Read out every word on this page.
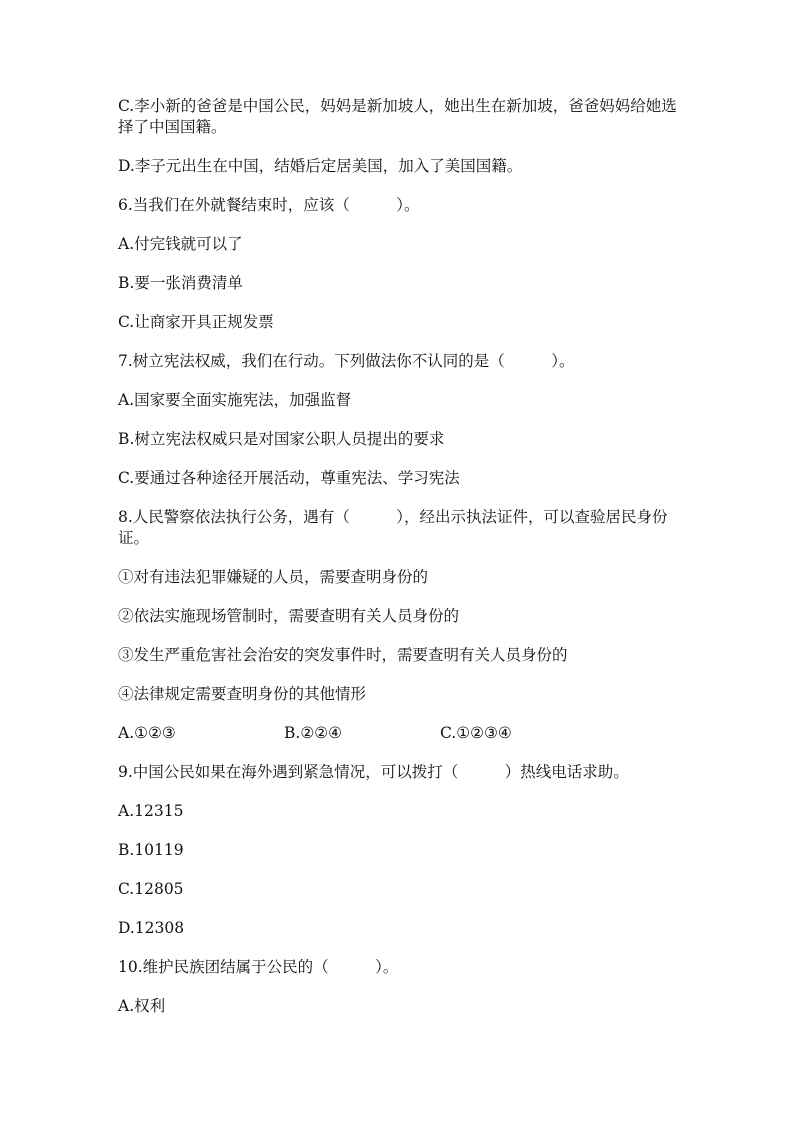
C.李小新的爸爸是中国公民，妈妈是新加坡人，她出生在新加坡，爸爸妈妈给她选择了中国国籍。
D.李子元出生在中国，结婚后定居美国，加入了美国国籍。
6.当我们在外就餐结束时，应该（　　　）。
A.付完钱就可以了
B.要一张消费清单
C.让商家开具正规发票
7.树立宪法权威，我们在行动。下列做法你不认同的是（　　　）。
A.国家要全面实施宪法，加强监督
B.树立宪法权威只是对国家公职人员提出的要求
C.要通过各种途径开展活动，尊重宪法、学习宪法
8.人民警察依法执行公务，遇有（　　　），经出示执法证件，可以查验居民身份证。
①对有违法犯罪嫌疑的人员，需要查明身份的
②依法实施现场管制时，需要查明有关人员身份的
③发生严重危害社会治安的突发事件时，需要查明有关人员身份的
④法律规定需要查明身份的其他情形
A.①②③	B.②②④	C.①②③④
9.中国公民如果在海外遇到紧急情况，可以拨打（　　　）热线电话求助。
A.12315
B.10119
C.12805
D.12308
10.维护民族团结属于公民的（　　　）。
A.权利
